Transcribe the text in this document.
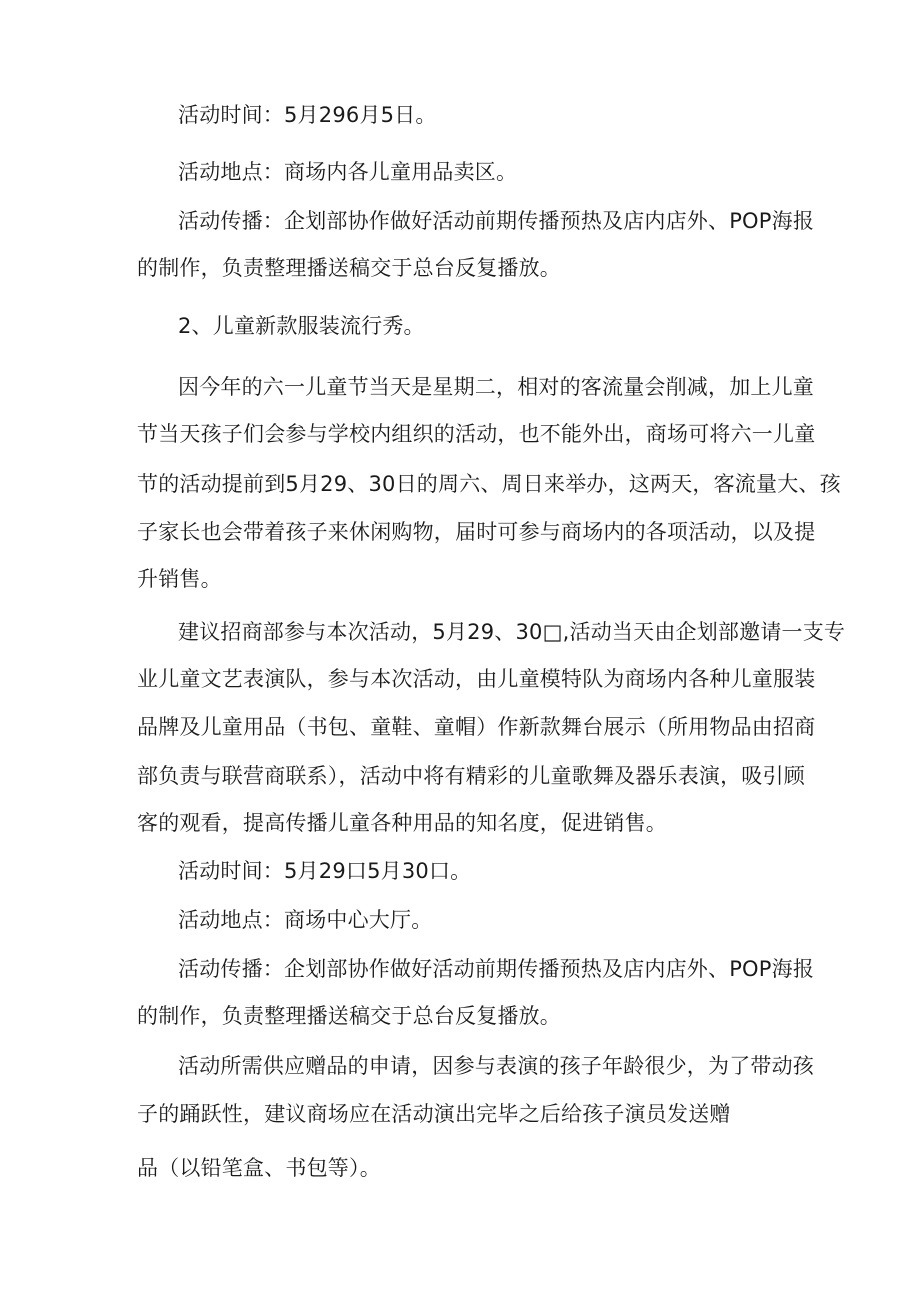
活动时间：5月296月5日。
活动地点：商场内各儿童用品卖区。
活动传播：企划部协作做好活动前期传播预热及店内店外、POP海报
的制作，负责整理播送稿交于总台反复播放。
2、儿童新款服装流行秀。
因今年的六一儿童节当天是星期二，相对的客流量会削减，加上儿童
节当天孩子们会参与学校内组织的活动，也不能外出，商场可将六一儿童
节的活动提前到5月29、30日的周六、周日来举办，这两天，客流量大、孩
子家长也会带着孩子来休闲购物，届时可参与商场内的各项活动，以及提
升销售。
建议招商部参与本次活动，5月29、30□,活动当天由企划部邀请一支专
业儿童文艺表演队，参与本次活动，由儿童模特队为商场内各种儿童服装
品牌及儿童用品（书包、童鞋、童帽）作新款舞台展示（所用物品由招商
部负责与联营商联系），活动中将有精彩的儿童歌舞及器乐表演，吸引顾
客的观看，提高传播儿童各种用品的知名度，促进销售。
活动时间：5月29口5月30口。
活动地点：商场中心大厅。
活动传播：企划部协作做好活动前期传播预热及店内店外、POP海报
的制作，负责整理播送稿交于总台反复播放。
活动所需供应赠品的申请，因参与表演的孩子年龄很少，为了带动孩
子的踊跃性，建议商场应在活动演出完毕之后给孩子演员发送赠
品（以铅笔盒、书包等）。
